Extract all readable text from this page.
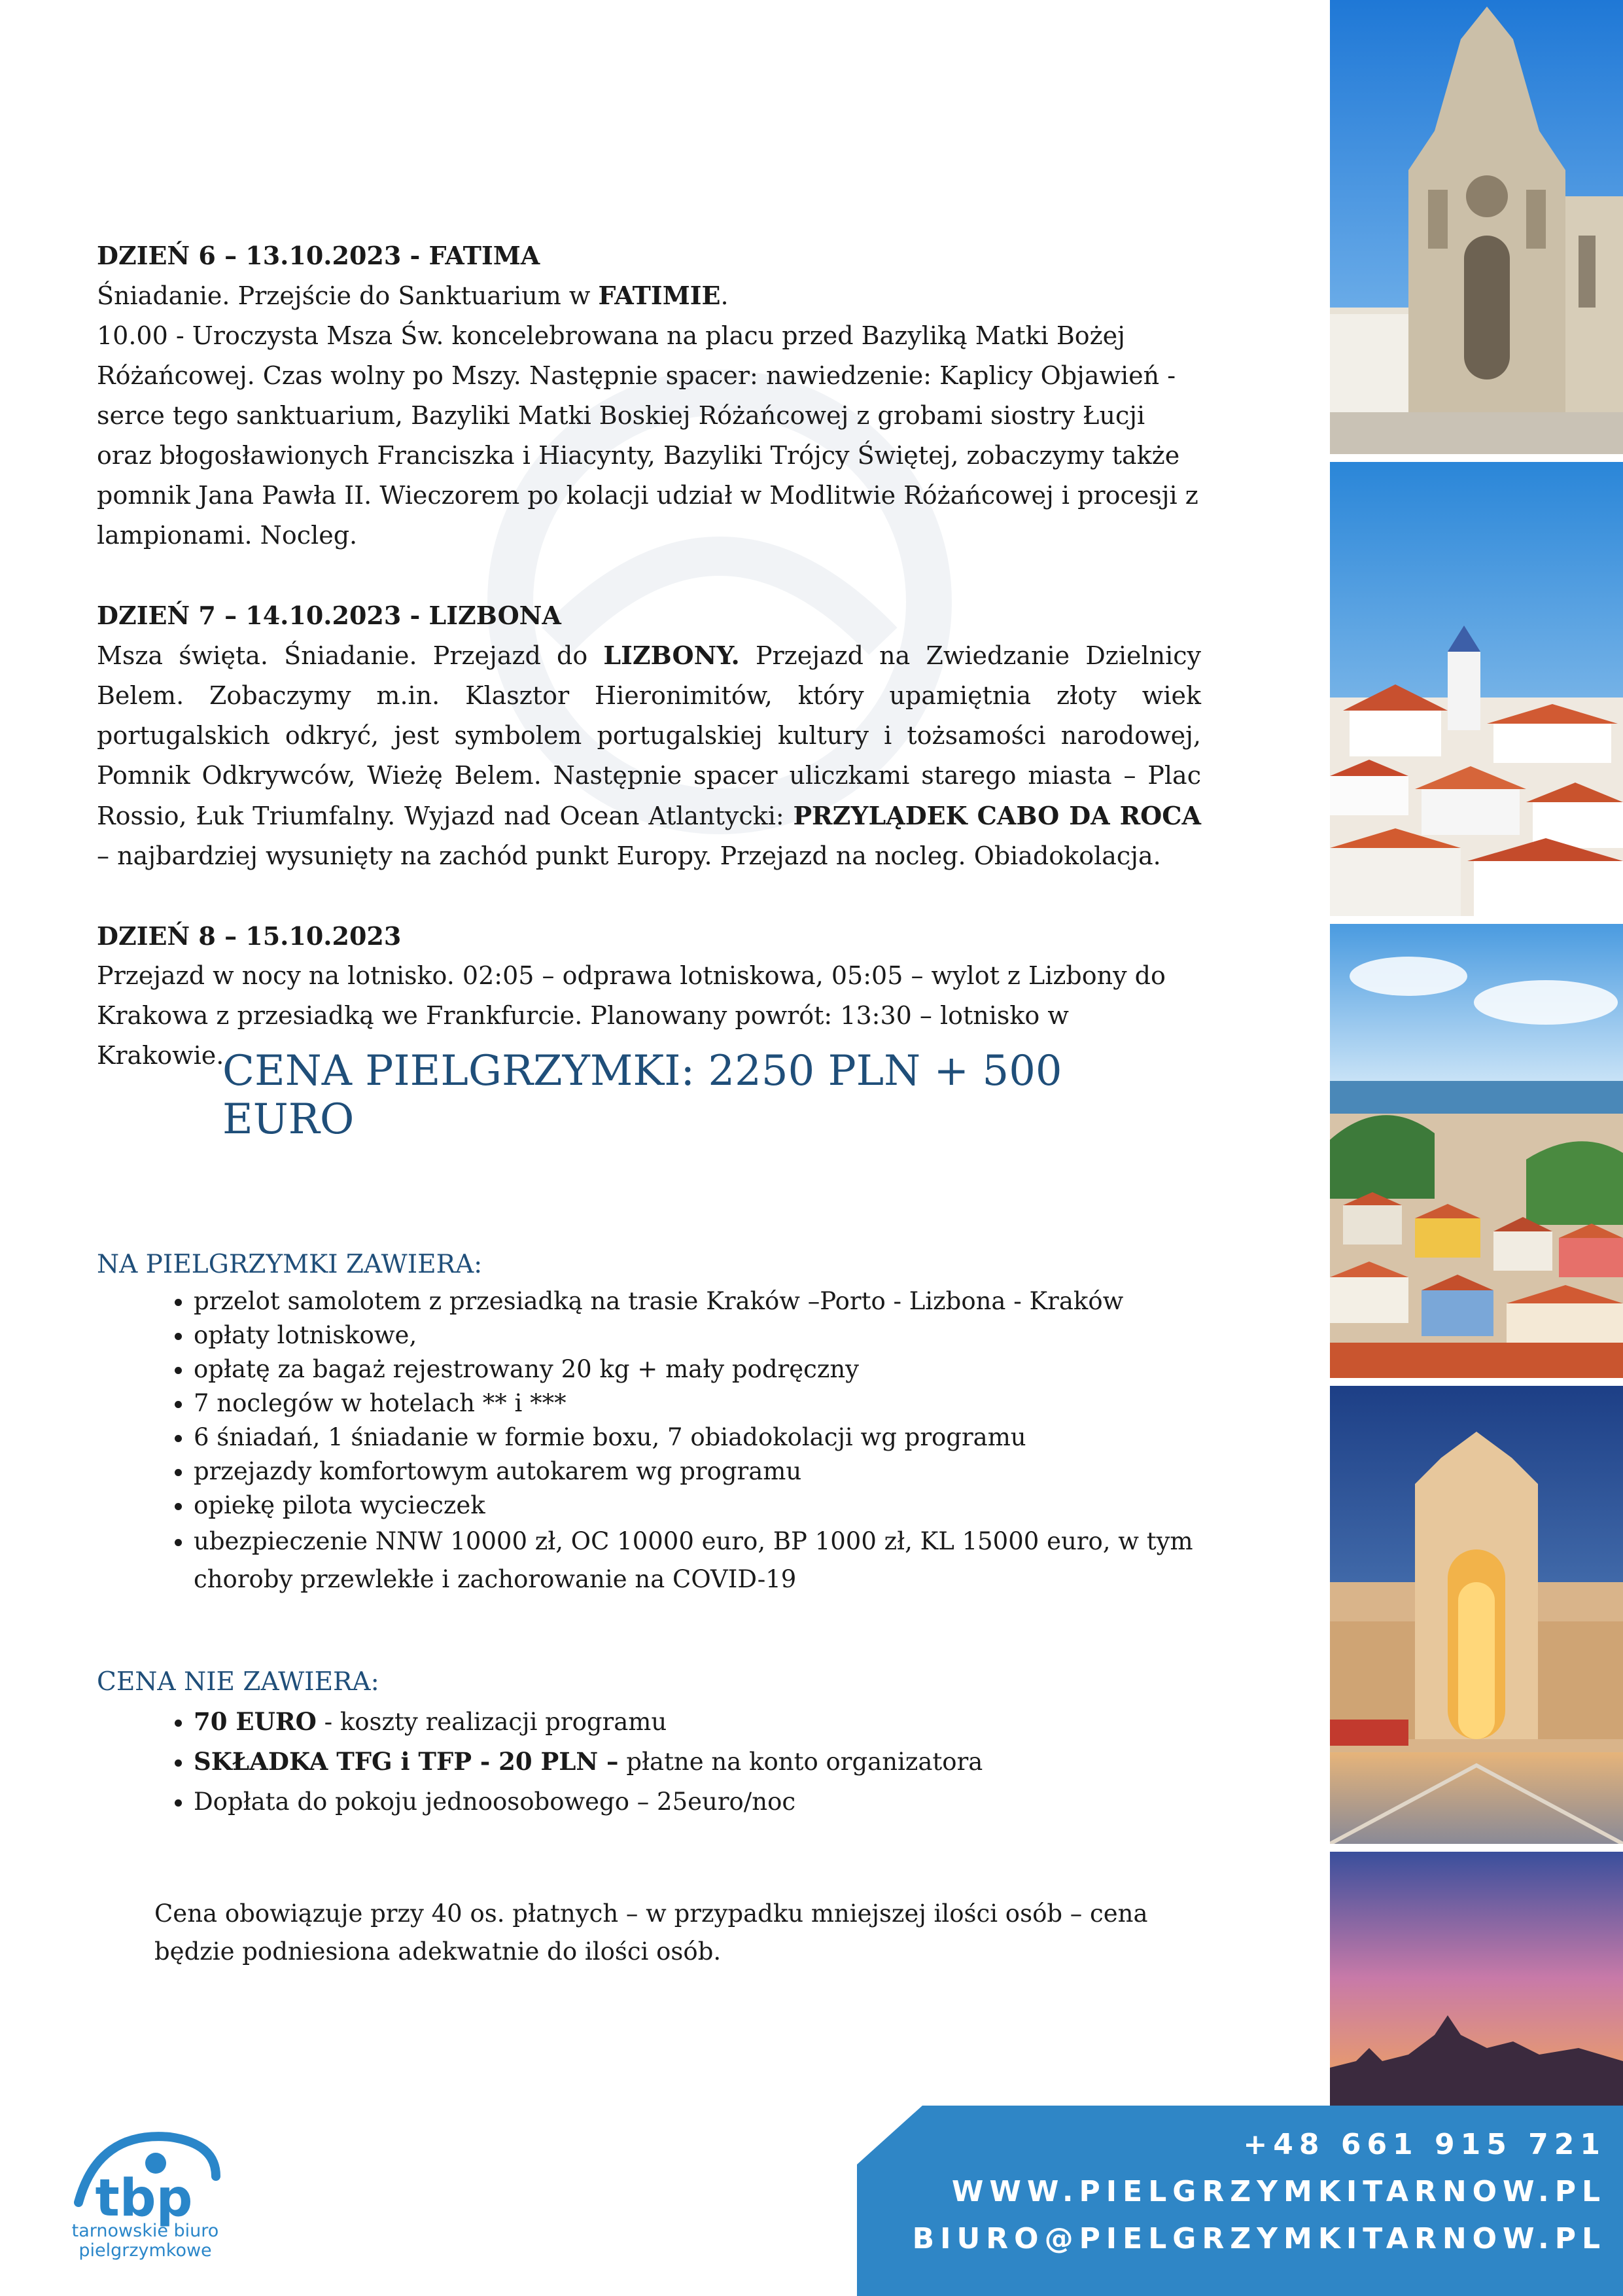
DZIEŃ 6 – 13.10.2023 - FATIMA

Śniadanie. Przejście do Sanktuarium w FATIMIE.

10.00 - Uroczysta Msza Św. koncelebrowana na placu przed Bazyliką Matki Bożej Różańcowej. Czas wolny po Mszy. Następnie spacer: nawiedzenie: Kaplicy Objawień - serce tego sanktuarium, Bazyliki Matki Boskiej Różańcowej z grobami siostry Łucji oraz błogosławionych Franciszka i Hiacynty, Bazyliki Trójcy Świętej, zobaczymy także pomnik Jana Pawła II. Wieczorem po kolacji udział w Modlitwie Różańcowej i procesji z lampionami. Nocleg.

DZIEŃ 7 – 14.10.2023 - LIZBONA

Msza święta. Śniadanie. Przejazd do LIZBONY. Przejazd na Zwiedzanie Dzielnicy Belem. Zobaczymy m.in. Klasztor Hieronimitów, który upamiętnia złoty wiek portugalskich odkryć, jest symbolem portugalskiej kultury i tożsamości narodowej, Pomnik Odkrywców, Wieżę Belem. Następnie spacer uliczkami starego miasta – Plac Rossio, Łuk Triumfalny. Wyjazd nad Ocean Atlantycki: PRZYLĄDEK CABO DA ROCA – najbardziej wysunięty na zachód punkt Europy. Przejazd na nocleg. Obiadokolacja.

DZIEŃ 8 – 15.10.2023

Przejazd w nocy na lotnisko. 02:05 – odprawa lotniskowa, 05:05 – wylot z Lizbony do Krakowa z przesiadką we Frankfurcie. Planowany powrót: 13:30 – lotnisko w Krakowie.

CENA PIELGRZYMKI: 2250 PLN + 500 EURO

NA PIELGRZYMKI ZAWIERA:

• przelot samolotem z przesiadką na trasie Kraków –Porto - Lizbona - Kraków
• opłaty lotniskowe,
• opłatę za bagaż rejestrowany 20 kg + mały podręczny
• 7 noclegów w hotelach ** i ***
• 6 śniadań, 1 śniadanie w formie boxu, 7 obiadokolacji wg programu
• przejazdy komfortowym autokarem wg programu
• opiekę pilota wycieczek
• ubezpieczenie NNW 10000 zł, OC 10000 euro, BP 1000 zł, KL 15000 euro, w tym choroby przewlekłe i zachorowanie na COVID-19

CENA NIE ZAWIERA:

• 70 EURO - koszty realizacji programu
• SKŁADKA TFG i TFP - 20 PLN – płatne na konto organizatora
• Dopłata do pokoju jednoosobowego – 25euro/noc
Cena obowiązuje przy 40 os. płatnych – w przypadku mniejszej ilości osób – cena będzie podniesiona adekwatnie do ilości osób.
+48 661 915 721
WWW.PIELGRZYMKITARNOW.PL
BIURO@PIELGRZYMKITARNOW.PL
tbp
tarnowskie biuro
pielgrzymkowe
